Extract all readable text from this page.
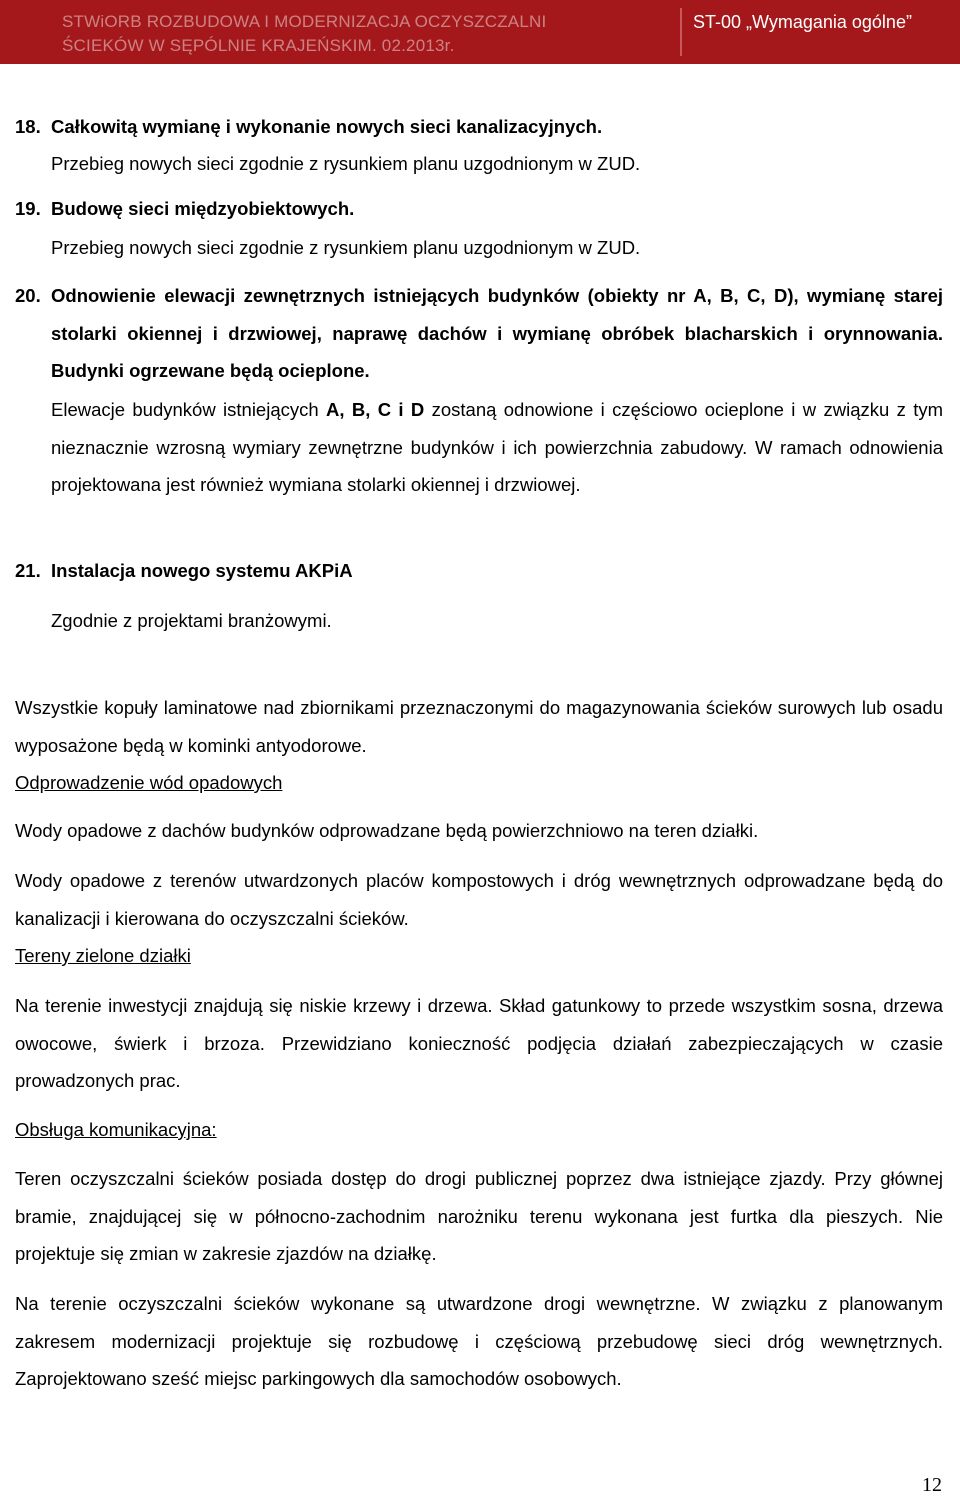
STWiORB ROZBUDOWA I MODERNIZACJA OCZYSZCZALNI
ŚCIEKÓW W SĘPÓLNIE KRAJEŃSKIM. 02.2013r.
ST-00 „Wymagania ogólne”
18. Całkowitą wymianę i wykonanie nowych sieci kanalizacyjnych.
Przebieg nowych sieci zgodnie z rysunkiem planu uzgodnionym w ZUD.
19. Budowę sieci międzyobiektowych.
Przebieg nowych sieci zgodnie z rysunkiem planu uzgodnionym w ZUD.
20. Odnowienie elewacji zewnętrznych istniejących budynków (obiekty nr A, B, C, D), wymianę starej stolarki okiennej i drzwiowej, naprawę dachów i wymianę obróbek blacharskich i orynnowania. Budynki ogrzewane będą ocieplone.
Elewacje budynków istniejących A, B, C i D zostaną odnowione i częściowo ocieplone i w związku z tym nieznacznie wzrosną wymiary zewnętrzne budynków i ich powierzchnia zabudowy. W ramach odnowienia projektowana jest również wymiana stolarki okiennej i drzwiowej.
21. Instalacja nowego systemu AKPiA
Zgodnie z projektami branżowymi.
Wszystkie kopuły laminatowe nad zbiornikami przeznaczonymi do magazynowania ścieków surowych lub osadu wyposażone będą w kominki antyodorowe.
Odprowadzenie wód opadowych
Wody opadowe z dachów budynków odprowadzane będą powierzchniowo na teren działki.
Wody opadowe z terenów utwardzonych placów kompostowych i dróg wewnętrznych odprowadzane będą do kanalizacji i kierowana do oczyszczalni ścieków.
Tereny zielone działki
Na terenie inwestycji znajdują się niskie krzewy i drzewa. Skład gatunkowy to przede wszystkim sosna, drzewa owocowe, świerk i brzoza. Przewidziano konieczność podjęcia działań zabezpieczających w czasie prowadzonych prac.
Obsługa komunikacyjna:
Teren oczyszczalni ścieków posiada dostęp do drogi publicznej poprzez dwa istniejące zjazdy. Przy głównej bramie, znajdującej się w północno-zachodnim narożniku terenu wykonana jest furtka dla pieszych. Nie projektuje się zmian w zakresie zjazdów na działkę.
Na terenie oczyszczalni ścieków wykonane są utwardzone drogi wewnętrzne. W związku z planowanym zakresem modernizacji projektuje się rozbudowę i częściową przebudowę sieci dróg wewnętrznych. Zaprojektowano sześć miejsc parkingowych dla samochodów osobowych.
12
